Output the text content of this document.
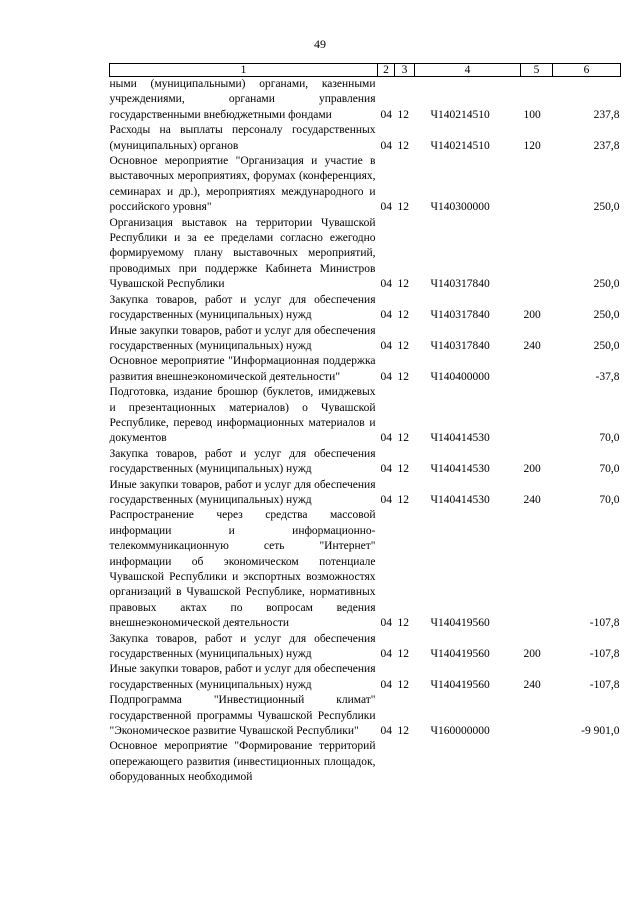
49
1	2	3	4	5	6
ными (муниципальными) органами, казенными учреждениями, органами управления государственными внебюджетными фондами	04	12	Ч140214510	100	237,8
Расходы на выплаты персоналу государственных (муниципальных) органов	04	12	Ч140214510	120	237,8
Основное мероприятие "Организация и участие в выставочных мероприятиях, форумах (конференциях, семинарах и др.), мероприятиях международного и российского уровня"	04	12	Ч140300000		250,0
Организация выставок на территории Чувашской Республики и за ее пределами согласно ежегодно формируемому плану выставочных мероприятий, проводимых при поддержке Кабинета Министров Чувашской Республики	04	12	Ч140317840		250,0
Закупка товаров, работ и услуг для обеспечения государственных (муниципальных) нужд	04	12	Ч140317840	200	250,0
Иные закупки товаров, работ и услуг для обеспечения государственных (муниципальных) нужд	04	12	Ч140317840	240	250,0
Основное мероприятие "Информационная поддержка развития внешнеэкономической деятельности"	04	12	Ч140400000		-37,8
Подготовка, издание брошюр (буклетов, имиджевых и презентационных материалов) о Чувашской Республике, перевод информационных материалов и документов	04	12	Ч140414530		70,0
Закупка товаров, работ и услуг для обеспечения государственных (муниципальных) нужд	04	12	Ч140414530	200	70,0
Иные закупки товаров, работ и услуг для обеспечения государственных (муниципальных) нужд	04	12	Ч140414530	240	70,0
Распространение через средства массовой информации и информационно-телекоммуникационную сеть "Интернет" информации об экономическом потенциале Чувашской Республики и экспортных возможностях организаций в Чувашской Республике, нормативных правовых актах по вопросам ведения внешнеэкономической деятельности	04	12	Ч140419560		-107,8
Закупка товаров, работ и услуг для обеспечения государственных (муниципальных) нужд	04	12	Ч140419560	200	-107,8
Иные закупки товаров, работ и услуг для обеспечения государственных (муниципальных) нужд	04	12	Ч140419560	240	-107,8
Подпрограмма "Инвестиционный климат" государственной программы Чувашской Республики "Экономическое развитие Чувашской Республики"	04	12	Ч160000000		-9 901,0
Основное мероприятие "Формирование территорий опережающего развития (инвестиционных площадок, оборудованных необходимой					
